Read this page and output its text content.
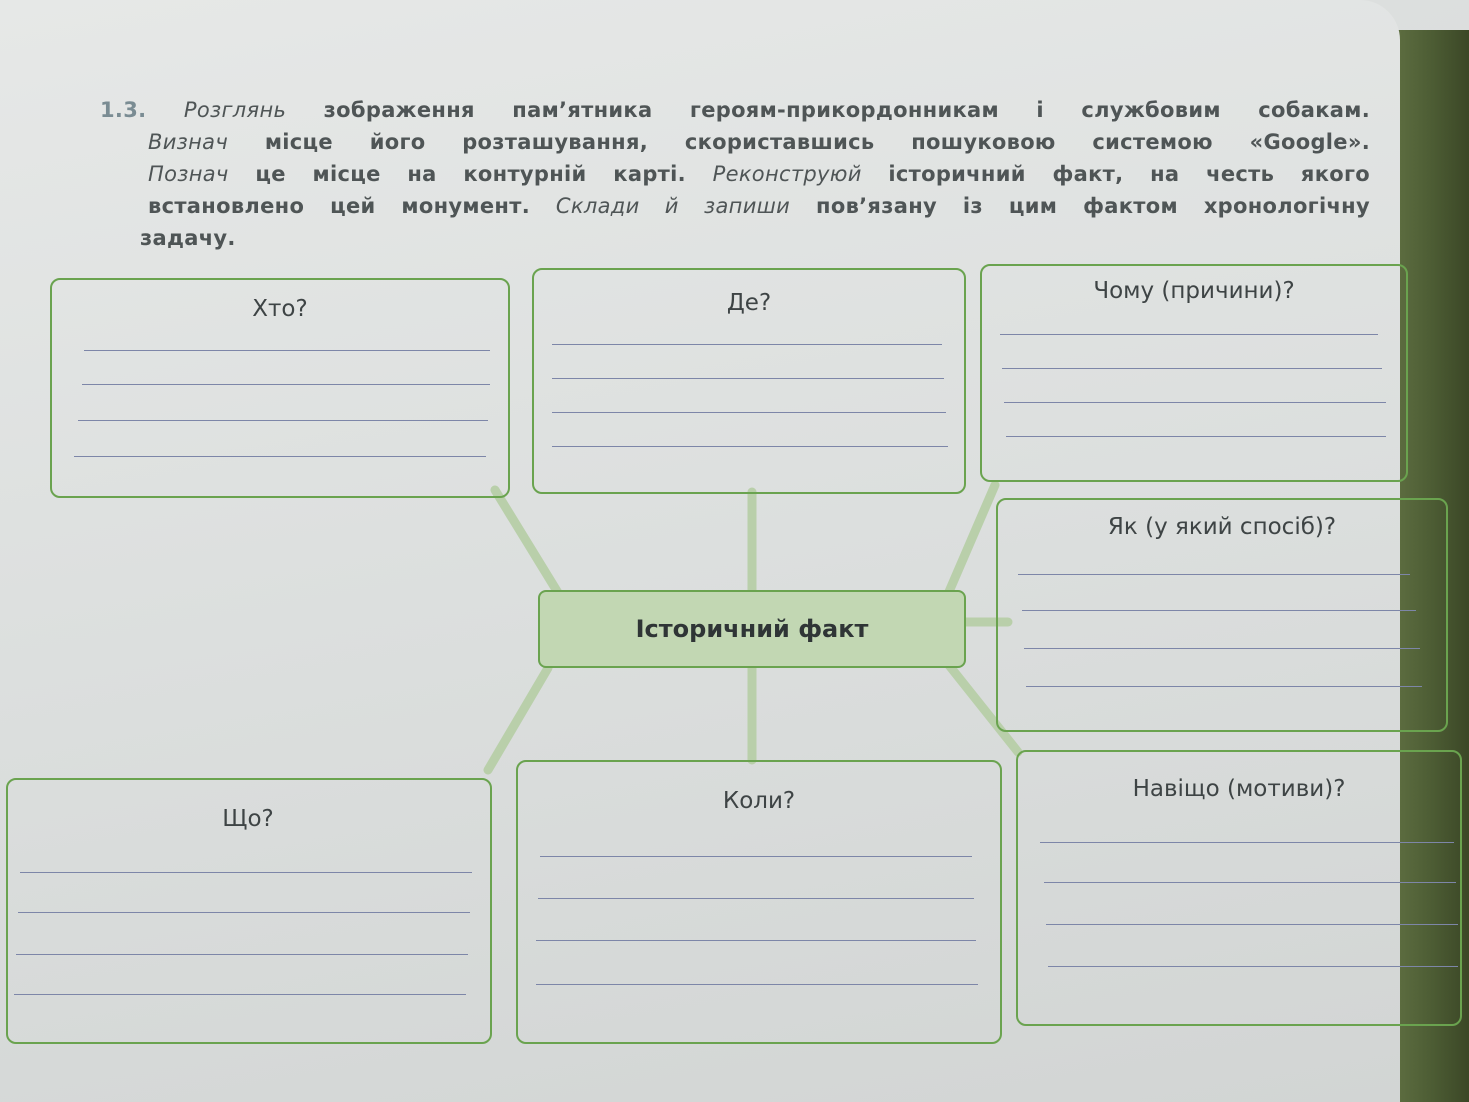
1.3. Розглянь зображення пам’ятника героям-прикордонникам і службовим собакам.
Визнач місце його розташування, скориставшись пошуковою системою «Google».
Познач це місце на контурній карті. Реконструюй історичний факт, на честь якого
встановлено цей монумент. Склади й запиши пов’язану із цим фактом хронологічну
задачу.
Хто?	Де?	Чому (причини)?
Як (у який спосіб)?
Історичний факт
Що?
Коли?	Навіщо (мотиви)?
